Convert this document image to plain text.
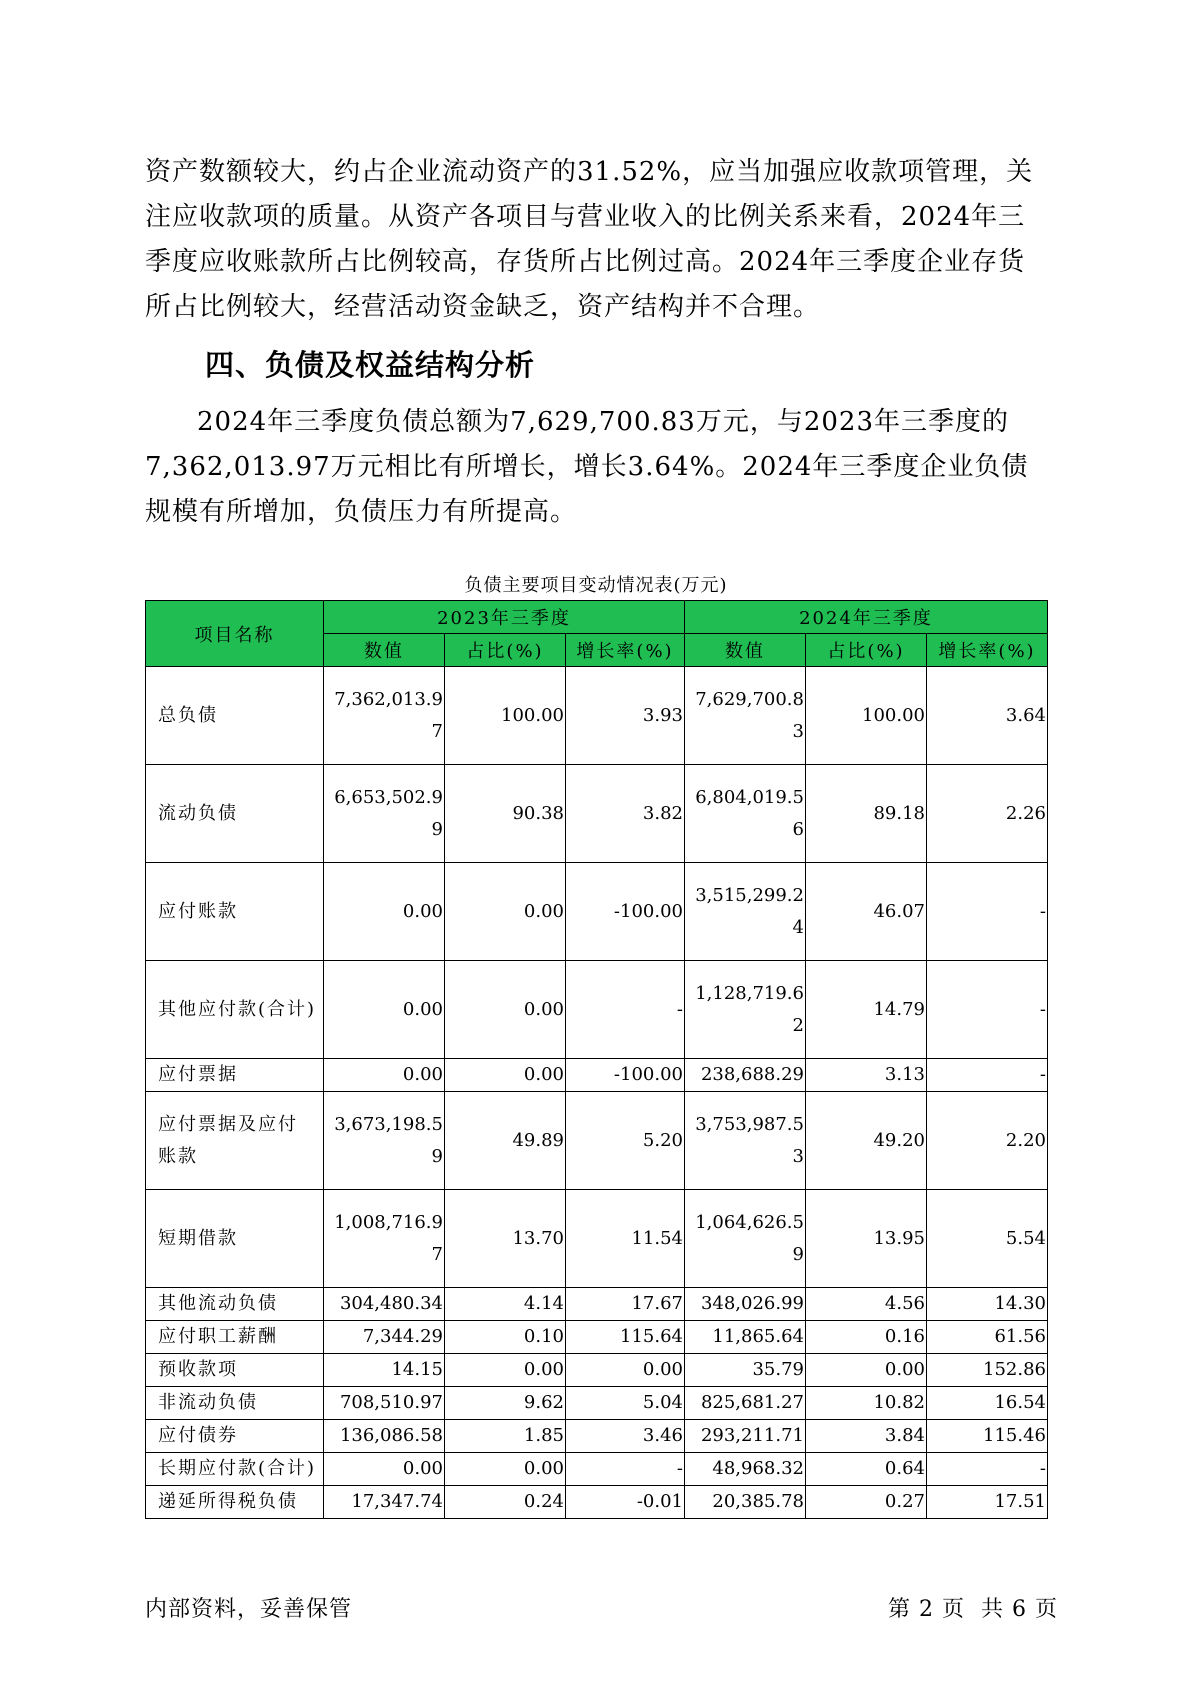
资产数额较大，约占企业流动资产的31.52%，应当加强应收款项管理，关注应收款项的质量。从资产各项目与营业收入的比例关系来看，2024年三季度应收账款所占比例较高，存货所占比例过高。2024年三季度企业存货所占比例较大，经营活动资金缺乏，资产结构并不合理。

四、负债及权益结构分析

2024年三季度负债总额为7,629,700.83万元，与2023年三季度的7,362,013.97万元相比有所增长，增长3.64%。2024年三季度企业负债规模有所增加，负债压力有所提高。

负债主要项目变动情况表(万元)
项目名称	2023年三季度			2024年三季度		
	数值	占比(%)	增长率(%)	数值	占比(%)	增长率(%)
总负债	7,362,013.97	100.00	3.93	7,629,700.83	100.00	3.64
流动负债	6,653,502.99	90.38	3.82	6,804,019.56	89.18	2.26
应付账款	0.00	0.00	-100.00	3,515,299.24	46.07	-
其他应付款(合计)	0.00	0.00	-	1,128,719.62	14.79	-
应付票据	0.00	0.00	-100.00	238,688.29	3.13	-
应付票据及应付账款	3,673,198.59	49.89	5.20	3,753,987.53	49.20	2.20
短期借款	1,008,716.97	13.70	11.54	1,064,626.59	13.95	5.54
其他流动负债	304,480.34	4.14	17.67	348,026.99	4.56	14.30
应付职工薪酬	7,344.29	0.10	115.64	11,865.64	0.16	61.56
预收款项	14.15	0.00	0.00	35.79	0.00	152.86
非流动负债	708,510.97	9.62	5.04	825,681.27	10.82	16.54
应付债券	136,086.58	1.85	3.46	293,211.71	3.84	115.46
长期应付款(合计)	0.00	0.00	-	48,968.32	0.64	-
递延所得税负债	17,347.74	0.24	-0.01	20,385.78	0.27	17.51
内部资料，妥善保管	第 2 页  共 6 页
